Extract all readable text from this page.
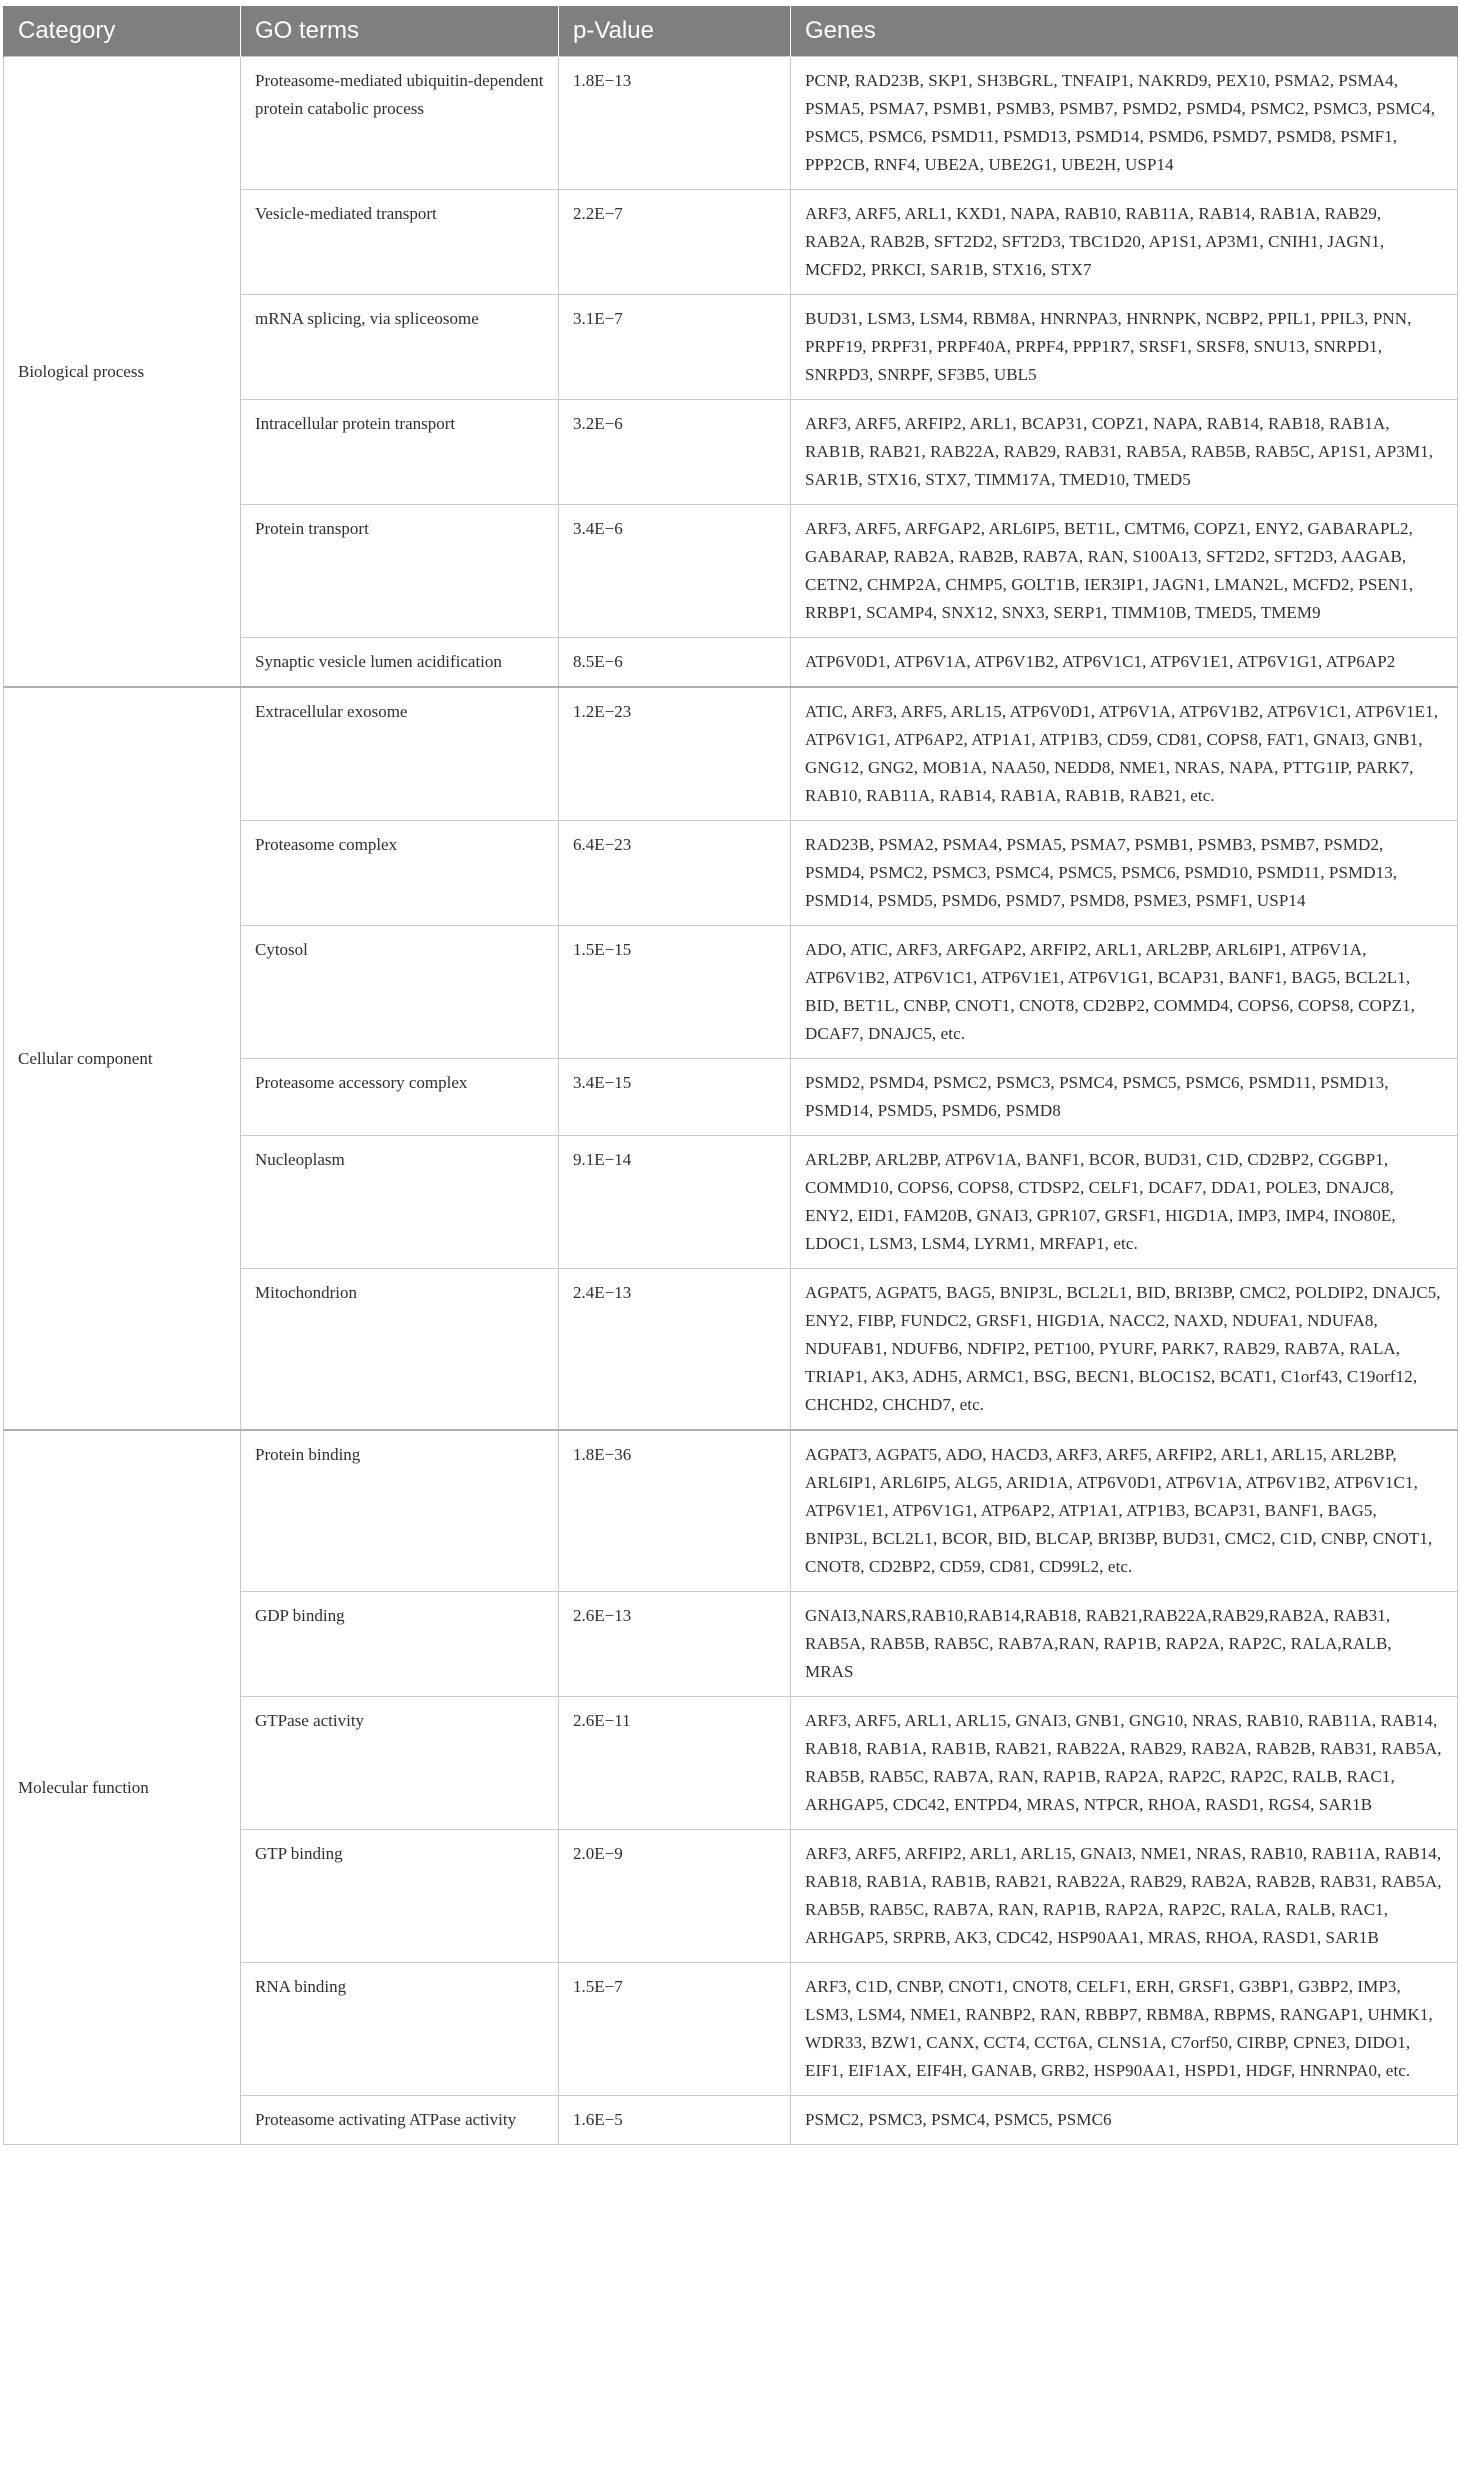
Category	GO terms	p-Value	Genes
Biological process	Proteasome-mediated ubiquitin-dependent protein catabolic process	1.8E−13	PCNP, RAD23B, SKP1, SH3BGRL, TNFAIP1, NAKRD9, PEX10, PSMA2, PSMA4, PSMA5, PSMA7, PSMB1, PSMB3, PSMB7, PSMD2, PSMD4, PSMC2, PSMC3, PSMC4, PSMC5, PSMC6, PSMD11, PSMD13, PSMD14, PSMD6, PSMD7, PSMD8, PSMF1, PPP2CB, RNF4, UBE2A, UBE2G1, UBE2H, USP14
	Vesicle-mediated transport	2.2E−7	ARF3, ARF5, ARL1, KXD1, NAPA, RAB10, RAB11A, RAB14, RAB1A, RAB29, RAB2A, RAB2B, SFT2D2, SFT2D3, TBC1D20, AP1S1, AP3M1, CNIH1, JAGN1, MCFD2, PRKCI, SAR1B, STX16, STX7
	mRNA splicing, via spliceosome	3.1E−7	BUD31, LSM3, LSM4, RBM8A, HNRNPA3, HNRNPK, NCBP2, PPIL1, PPIL3, PNN, PRPF19, PRPF31, PRPF40A, PRPF4, PPP1R7, SRSF1, SRSF8, SNU13, SNRPD1, SNRPD3, SNRPF, SF3B5, UBL5
	Intracellular protein transport	3.2E−6	ARF3, ARF5, ARFIP2, ARL1, BCAP31, COPZ1, NAPA, RAB14, RAB18, RAB1A, RAB1B, RAB21, RAB22A, RAB29, RAB31, RAB5A, RAB5B, RAB5C, AP1S1, AP3M1, SAR1B, STX16, STX7, TIMM17A, TMED10, TMED5
	Protein transport	3.4E−6	ARF3, ARF5, ARFGAP2, ARL6IP5, BET1L, CMTM6, COPZ1, ENY2, GABARAPL2, GABARAP, RAB2A, RAB2B, RAB7A, RAN, S100A13, SFT2D2, SFT2D3, AAGAB, CETN2, CHMP2A, CHMP5, GOLT1B, IER3IP1, JAGN1, LMAN2L, MCFD2, PSEN1, RRBP1, SCAMP4, SNX12, SNX3, SERP1, TIMM10B, TMED5, TMEM9
	Synaptic vesicle lumen acidification	8.5E−6	ATP6V0D1, ATP6V1A, ATP6V1B2, ATP6V1C1, ATP6V1E1, ATP6V1G1, ATP6AP2
Cellular component	Extracellular exosome	1.2E−23	ATIC, ARF3, ARF5, ARL15, ATP6V0D1, ATP6V1A, ATP6V1B2, ATP6V1C1, ATP6V1E1, ATP6V1G1, ATP6AP2, ATP1A1, ATP1B3, CD59, CD81, COPS8, FAT1, GNAI3, GNB1, GNG12, GNG2, MOB1A, NAA50, NEDD8, NME1, NRAS, NAPA, PTTG1IP, PARK7, RAB10, RAB11A, RAB14, RAB1A, RAB1B, RAB21, etc.
	Proteasome complex	6.4E−23	RAD23B, PSMA2, PSMA4, PSMA5, PSMA7, PSMB1, PSMB3, PSMB7, PSMD2, PSMD4, PSMC2, PSMC3, PSMC4, PSMC5, PSMC6, PSMD10, PSMD11, PSMD13, PSMD14, PSMD5, PSMD6, PSMD7, PSMD8, PSME3, PSMF1, USP14
	Cytosol	1.5E−15	ADO, ATIC, ARF3, ARFGAP2, ARFIP2, ARL1, ARL2BP, ARL6IP1, ATP6V1A, ATP6V1B2, ATP6V1C1, ATP6V1E1, ATP6V1G1, BCAP31, BANF1, BAG5, BCL2L1, BID, BET1L, CNBP, CNOT1, CNOT8, CD2BP2, COMMD4, COPS6, COPS8, COPZ1, DCAF7, DNAJC5, etc.
	Proteasome accessory complex	3.4E−15	PSMD2, PSMD4, PSMC2, PSMC3, PSMC4, PSMC5, PSMC6, PSMD11, PSMD13, PSMD14, PSMD5, PSMD6, PSMD8
	Nucleoplasm	9.1E−14	ARL2BP, ARL2BP, ATP6V1A, BANF1, BCOR, BUD31, C1D, CD2BP2, CGGBP1, COMMD10, COPS6, COPS8, CTDSP2, CELF1, DCAF7, DDA1, POLE3, DNAJC8, ENY2, EID1, FAM20B, GNAI3, GPR107, GRSF1, HIGD1A, IMP3, IMP4, INO80E, LDOC1, LSM3, LSM4, LYRM1, MRFAP1, etc.
	Mitochondrion	2.4E−13	AGPAT5, AGPAT5, BAG5, BNIP3L, BCL2L1, BID, BRI3BP, CMC2, POLDIP2, DNAJC5, ENY2, FIBP, FUNDC2, GRSF1, HIGD1A, NACC2, NAXD, NDUFA1, NDUFA8, NDUFAB1, NDUFB6, NDFIP2, PET100, PYURF, PARK7, RAB29, RAB7A, RALA, TRIAP1, AK3, ADH5, ARMC1, BSG, BECN1, BLOC1S2, BCAT1, C1orf43, C19orf12, CHCHD2, CHCHD7, etc.
Molecular function	Protein binding	1.8E−36	AGPAT3, AGPAT5, ADO, HACD3, ARF3, ARF5, ARFIP2, ARL1, ARL15, ARL2BP, ARL6IP1, ARL6IP5, ALG5, ARID1A, ATP6V0D1, ATP6V1A, ATP6V1B2, ATP6V1C1, ATP6V1E1, ATP6V1G1, ATP6AP2, ATP1A1, ATP1B3, BCAP31, BANF1, BAG5, BNIP3L, BCL2L1, BCOR, BID, BLCAP, BRI3BP, BUD31, CMC2, C1D, CNBP, CNOT1, CNOT8, CD2BP2, CD59, CD81, CD99L2, etc.
	GDP binding	2.6E−13	GNAI3,NARS,RAB10,RAB14,RAB18, RAB21,RAB22A,RAB29,RAB2A, RAB31, RAB5A, RAB5B, RAB5C, RAB7A,RAN, RAP1B, RAP2A, RAP2C, RALA,RALB, MRAS
	GTPase activity	2.6E−11	ARF3, ARF5, ARL1, ARL15, GNAI3, GNB1, GNG10, NRAS, RAB10, RAB11A, RAB14, RAB18, RAB1A, RAB1B, RAB21, RAB22A, RAB29, RAB2A, RAB2B, RAB31, RAB5A, RAB5B, RAB5C, RAB7A, RAN, RAP1B, RAP2A, RAP2C, RAP2C, RALB, RAC1, ARHGAP5, CDC42, ENTPD4, MRAS, NTPCR, RHOA, RASD1, RGS4, SAR1B
	GTP binding	2.0E−9	ARF3, ARF5, ARFIP2, ARL1, ARL15, GNAI3, NME1, NRAS, RAB10, RAB11A, RAB14, RAB18, RAB1A, RAB1B, RAB21, RAB22A, RAB29, RAB2A, RAB2B, RAB31, RAB5A, RAB5B, RAB5C, RAB7A, RAN, RAP1B, RAP2A, RAP2C, RALA, RALB, RAC1, ARHGAP5, SRPRB, AK3, CDC42, HSP90AA1, MRAS, RHOA, RASD1, SAR1B
	RNA binding	1.5E−7	ARF3, C1D, CNBP, CNOT1, CNOT8, CELF1, ERH, GRSF1, G3BP1, G3BP2, IMP3, LSM3, LSM4, NME1, RANBP2, RAN, RBBP7, RBM8A, RBPMS, RANGAP1, UHMK1, WDR33, BZW1, CANX, CCT4, CCT6A, CLNS1A, C7orf50, CIRBP, CPNE3, DIDO1, EIF1, EIF1AX, EIF4H, GANAB, GRB2, HSP90AA1, HSPD1, HDGF, HNRNPA0, etc.
	Proteasome activating ATPase activity	1.6E−5	PSMC2, PSMC3, PSMC4, PSMC5, PSMC6
